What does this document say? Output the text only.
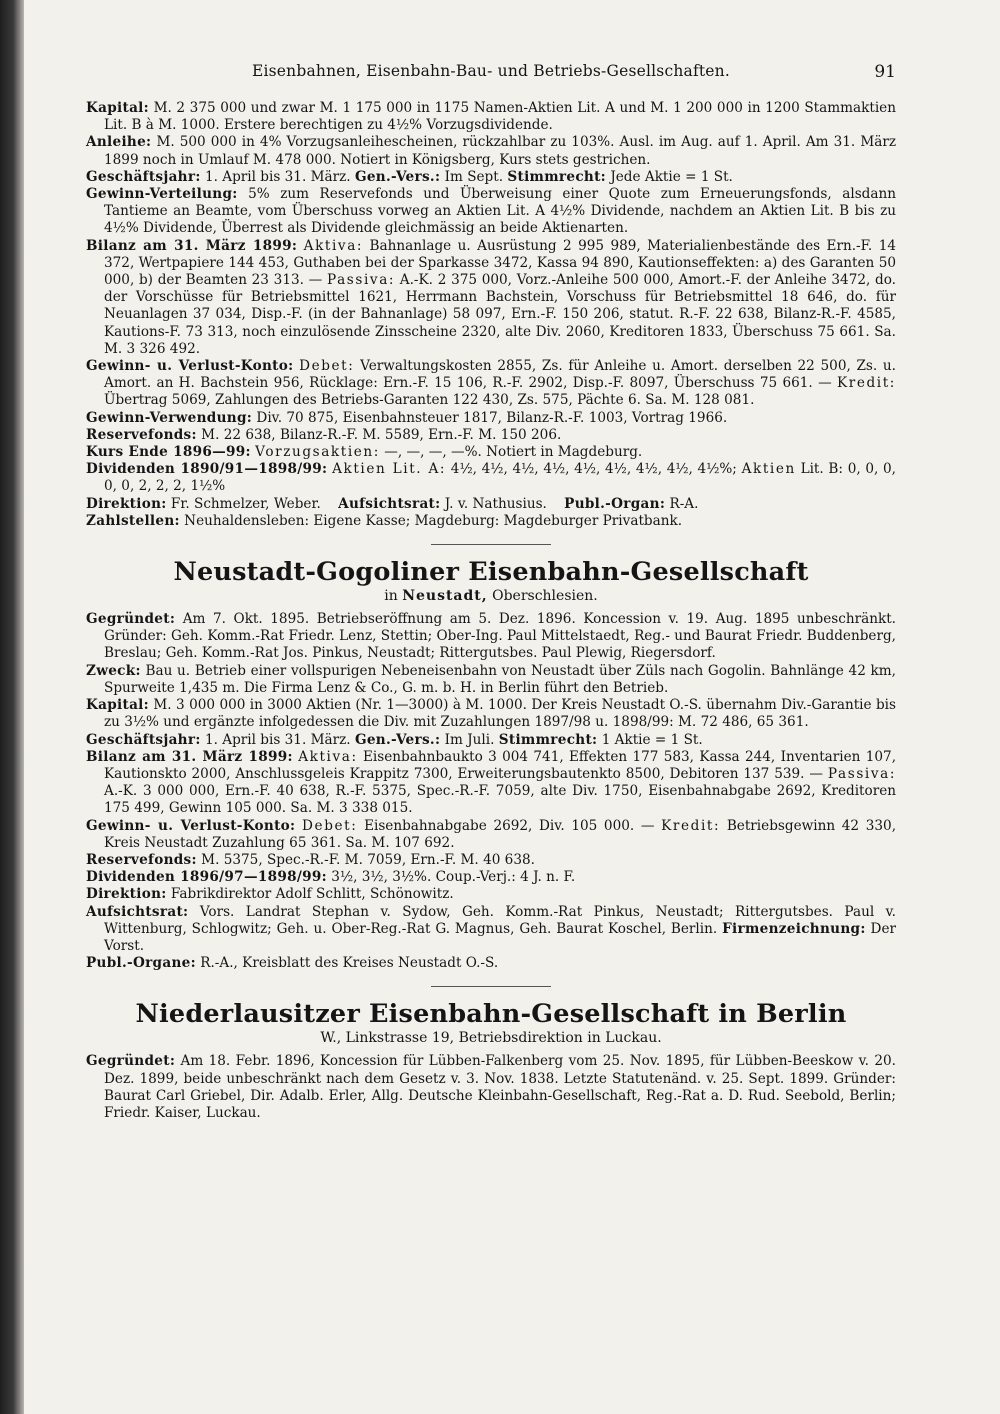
Eisenbahnen, Eisenbahn-Bau- und Betriebs-Gesellschaften.	91
Kapital: M. 2 375 000 und zwar M. 1 175 000 in 1175 Namen-Aktien Lit. A und M. 1 200 000 in 1200 Stammaktien Lit. B à M. 1000. Erstere berechtigen zu 4½% Vorzugsdividende.
Anleihe: M. 500 000 in 4% Vorzugsanleihescheinen, rückzahlbar zu 103%. Ausl. im Aug. auf 1. April. Am 31. März 1899 noch in Umlauf M. 478 000. Notiert in Königsberg, Kurs stets gestrichen.
Geschäftsjahr: 1. April bis 31. März. Gen.-Vers.: Im Sept. Stimmrecht: Jede Aktie = 1 St.
Gewinn-Verteilung: 5% zum Reservefonds und Überweisung einer Quote zum Erneuerungsfonds, alsdann Tantieme an Beamte, vom Überschuss vorweg an Aktien Lit. A 4½% Dividende, nachdem an Aktien Lit. B bis zu 4½% Dividende, Überrest als Dividende gleichmässig an beide Aktienarten.
Bilanz am 31. März 1899: Aktiva: Bahnanlage u. Ausrüstung 2 995 989, Materialienbestände des Ern.-F. 14 372, Wertpapiere 144 453, Guthaben bei der Sparkasse 3472, Kassa 94 890, Kautionseffekten: a) des Garanten 50 000, b) der Beamten 23 313. — Passiva: A.-K. 2 375 000, Vorz.-Anleihe 500 000, Amort.-F. der Anleihe 3472, do. der Vorschüsse für Betriebsmittel 1621, Herrmann Bachstein, Vorschuss für Betriebsmittel 18 646, do. für Neuanlagen 37 034, Disp.-F. (in der Bahnanlage) 58 097, Ern.-F. 150 206, statut. R.-F. 22 638, Bilanz-R.-F. 4585, Kautions-F. 73 313, noch einzulösende Zinsscheine 2320, alte Div. 2060, Kreditoren 1833, Überschuss 75 661. Sa. M. 3 326 492.
Gewinn- u. Verlust-Konto: Debet: Verwaltungskosten 2855, Zs. für Anleihe u. Amort. derselben 22 500, Zs. u. Amort. an H. Bachstein 956, Rücklage: Ern.-F. 15 106, R.-F. 2902, Disp.-F. 8097, Überschuss 75 661. — Kredit: Übertrag 5069, Zahlungen des Betriebs-Garanten 122 430, Zs. 575, Pächte 6. Sa. M. 128 081.
Gewinn-Verwendung: Div. 70 875, Eisenbahnsteuer 1817, Bilanz-R.-F. 1003, Vortrag 1966.
Reservefonds: M. 22 638, Bilanz-R.-F. M. 5589, Ern.-F. M. 150 206.
Kurs Ende 1896—99: Vorzugsaktien: —, —, —, —%. Notiert in Magdeburg.
Dividenden 1890/91—1898/99: Aktien Lit. A: 4½, 4½, 4½, 4½, 4½, 4½, 4½, 4½, 4½%; Aktien Lit. B: 0, 0, 0, 0, 0, 2, 2, 2, 1½%
Direktion: Fr. Schmelzer, Weber. Aufsichtsrat: J. v. Nathusius. Publ.-Organ: R-A.
Zahlstellen: Neuhaldensleben: Eigene Kasse; Magdeburg: Magdeburger Privatbank.
Neustadt-Gogoliner Eisenbahn-Gesellschaft
in Neustadt, Oberschlesien.
Gegründet: Am 7. Okt. 1895. Betriebseröffnung am 5. Dez. 1896. Koncession v. 19. Aug. 1895 unbeschränkt. Gründer: Geh. Komm.-Rat Friedr. Lenz, Stettin; Ober-Ing. Paul Mittelstaedt, Reg.- und Baurat Friedr. Buddenberg, Breslau; Geh. Komm.-Rat Jos. Pinkus, Neustadt; Rittergutsbes. Paul Plewig, Riegersdorf.
Zweck: Bau u. Betrieb einer vollspurigen Nebeneisenbahn von Neustadt über Züls nach Gogolin. Bahnlänge 42 km, Spurweite 1,435 m. Die Firma Lenz & Co., G. m. b. H. in Berlin führt den Betrieb.
Kapital: M. 3 000 000 in 3000 Aktien (Nr. 1—3000) à M. 1000. Der Kreis Neustadt O.-S. übernahm Div.-Garantie bis zu 3½% und ergänzte infolgedessen die Div. mit Zuzahlungen 1897/98 u. 1898/99: M. 72 486, 65 361.
Geschäftsjahr: 1. April bis 31. März. Gen.-Vers.: Im Juli. Stimmrecht: 1 Aktie = 1 St.
Bilanz am 31. März 1899: Aktiva: Eisenbahnbaukto 3 004 741, Effekten 177 583, Kassa 244, Inventarien 107, Kautionskto 2000, Anschlussgeleis Krappitz 7300, Erweiterungsbautenkto 8500, Debitoren 137 539. — Passiva: A.-K. 3 000 000, Ern.-F. 40 638, R.-F. 5375, Spec.-R.-F. 7059, alte Div. 1750, Eisenbahnabgabe 2692, Kreditoren 175 499, Gewinn 105 000. Sa. M. 3 338 015.
Gewinn- u. Verlust-Konto: Debet: Eisenbahnabgabe 2692, Div. 105 000. — Kredit: Betriebsgewinn 42 330, Kreis Neustadt Zuzahlung 65 361. Sa. M. 107 692.
Reservefonds: M. 5375, Spec.-R.-F. M. 7059, Ern.-F. M. 40 638.
Dividenden 1896/97—1898/99: 3½, 3½, 3½%. Coup.-Verj.: 4 J. n. F.
Direktion: Fabrikdirektor Adolf Schlitt, Schönowitz.
Aufsichtsrat: Vors. Landrat Stephan v. Sydow, Geh. Komm.-Rat Pinkus, Neustadt; Rittergutsbes. Paul v. Wittenburg, Schlogwitz; Geh. u. Ober-Reg.-Rat G. Magnus, Geh. Baurat Koschel, Berlin. Firmenzeichnung: Der Vorst.
Publ.-Organe: R.-A., Kreisblatt des Kreises Neustadt O.-S.
Niederlausitzer Eisenbahn-Gesellschaft in Berlin
W., Linkstrasse 19, Betriebsdirektion in Luckau.
Gegründet: Am 18. Febr. 1896, Koncession für Lübben-Falkenberg vom 25. Nov. 1895, für Lübben-Beeskow v. 20. Dez. 1899, beide unbeschränkt nach dem Gesetz v. 3. Nov. 1838. Letzte Statutenänd. v. 25. Sept. 1899. Gründer: Baurat Carl Griebel, Dir. Adalb. Erler, Allg. Deutsche Kleinbahn-Gesellschaft, Reg.-Rat a. D. Rud. Seebold, Berlin; Friedr. Kaiser, Luckau.
